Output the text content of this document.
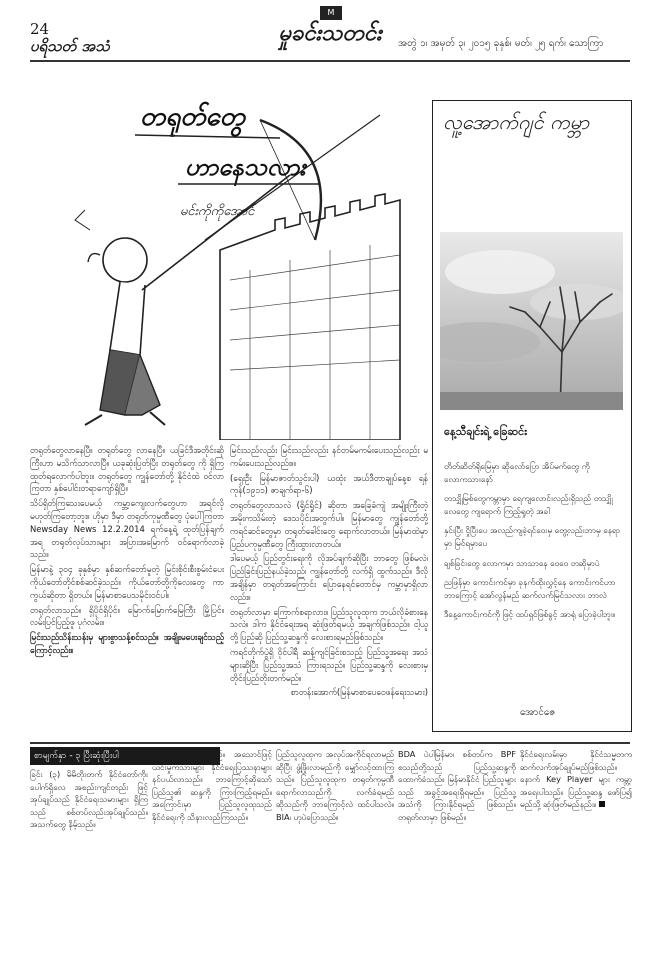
24
ပရိသတ် အသံ	မှုခင်းသတင်း
M
အတွဲ ၁၊ အမှတ် ၃၊ ၂၀၁၅ ခုနှစ်၊ မတ်၊ ၂၅ ရက်၊ သောကြာ
တရုတ်တွေ
ဟာနေသလား
မင်းကိုကိုအောင်

တရုတ်တွေလာနေပြီ။ တရုတ်တွေ လာနေပြီ။ ယခြင်ဒီအတိုင်းဆိုကြီးဟာ မသိက်သာလာပြီ။ ယခုဆုံးပြတ်ပြီး တရုတ်တွေ ကို ရှိကြ ထုတ်ရလောက်ပါဘူး။ တရုတ်တွေ ကျွန်တော်တို့ နိုင်ငံထဲ ဝင်လာကြတာ နှစ်ပေါင်းတရာကျော်ရှိပြီ။

သိပ်ရှိတ်ကြသေးပေမယ့် ကမ္ဘာ့ကျေးလက်တွေဟာ အရင်လိုမဟုတ်ကြတော့ဘူး။ ဟိုမှာ ဒီမှာ တရုတ်ကုမ္ပဏီတွေ ပုံပေါ်ကြတာ Newsday News 12.2.2014 ရက်နေ့ရဲ့ ထုတ်ပြန်ချက်အရ တရုတ်လုပ်သားများ အပြားအမြောက် ဝင်ရောက်လာခဲ့သည်။

မြန်မာနဲ့ ၃၀၄ ခုနှစ်မှာ နှစ်ဆက်တော်မူတဲ့ မြင်းစိုင်းစီးစွမ်းငံပေးကိုယ်တော်တိုင်စစ်ဆင်ခဲ့သည်။ ကိုယ်တော်တို့ကိုလေးတွေ ကာကွယ်ဆိုတာ ရှိတယ်။ မြန်မာစာပေသမိုင်းဝင်ပါ။

တရုတ်လာသည်။ ရှိပိုင်ရှိပိုင်။ မြောက်မြောက်မြေကြီး မြို့ပြင်။ လမ်းပြင်ပြည့်ဖူ ပုဂံလမ်း။

မြင်းသည်သိန်းသန်းမှ များစွာသန့်စင်သည်။ အချိုးမပေးချင်သည့်ကြောင့်လည်း။

မြင်းသည်လည်း မြင်းသည်လည်း နင်တမ်မကမ်းပေးသည်လည်း မကမ်းပေးသည်လည်း။။

(ရှေးဦး မြန်မာဇာတ်သွင်းပါ) ယထုံး အယ်ဒီတာချုပ်နေ့စ ရန်ကုန်(၁၉၁၁) ဇာချက်ရာ-၆)

တရုတ်တွေလာသလဲ (ရှိုင်ရှိုင်) ဆိုတာ အခြေခံကျဲ အမျိုးကြီးတဲ့ အမိုးကသိမ်းတဲ့ ဒေသပိုင်းအတွက်ပါ။ မြန်မာတွေ ကျွန်တော်တို့ ကရင်ဆင်တွေမှာ တရုတ်ခေါင်းတွေ ရောက်လာတယ်။ မြန်မာထဲမှာ ပြည်ပကုမ္ပဏီတွေ ကြီးထွားလာတယ်။

ဒါပေမယ့် ပြည်တွင်းရေးကို လိုအပ်ချက်ဆိုပြီး ဘာတွေ ဖြစ်မလဲ၊ ပြည်ခြင်းပြည်နယ်ခဲ့သည်၊ ကျွန်တော်တို့ လက်ရှိ ထွက်သည်။ ဒီလို အချိန်မှာ တရုတ်အကြောင်း ပြောနေရင်တောင်မှ ကမ္ဘာမှာရှိလာလည်း။

တရုတ်လာမှာ ကြောက်စရာလား။ ပြည်သူလူထုက ဘယ်လိုခံစားနေသလဲ။ ဒါက နိုင်ငံရေးအရ ဆုံးဖြတ်ရမယ့် အချက်ဖြစ်သည်။ ငါ့ယူတို့ပြည်ဆို ပြည်သူ့ဆန္ဒကို လေးစားရမည်ဖြစ်သည်။

ကရင်တိုက်ပွဲရှိ ဝိုင်ပါရီ ဆန့်ကျင်ခြင်းစသည့် ပြည်သူ့အရေး အသံများဆိုပြီး ပြည်သူ့အသံ ကြားရသည်။ ပြည်သူ့ဆန္ဒကို လေးစားမှ တိုင်းပြည်တိုးတက်မည်။

စာတန်းအောက်(မြန်မာစာပေဝေဖန်ရေးသမား)

လူ့အောက်ဂျင် ကမ္ဘာ
နေ့သီချင်းရဲ့ ခြေဆင်း
တိတ်ဆိတ်ရိုမြေမှာ ဆိုလော်ပြော အိပ်မက်တွေ ကိုလောကသားနော်
တသျှိုမြစ်တွေကမ္ဘာမှာ ရေကျလောင်းလည်းရှိသည် တသျှိုလေတွေ ကျရောက် ကြည့်ရှုတဲ့ အခါ
နှင်းပြီး ငှိုပြီးပေ အလည်ကျခဲ့ရင်ဝေးမှ တွေ့လည်းဘာမှ နေရာမှာ မြင်ရမှာပေ
ချစ်ခြင်းတွေ လောကမှာ သာသာနေ ဝေဝေ တဆိုမှာပဲ
ညဖြန်မှာ ကောင်းကင်မှာ ခုနက်ထိုးလွှင့်နေ ကောင်းကင်ဟာ ဘာကြောင့် အော်လွန်မည် ဆက်လက်မြင်သလား ဘာလဲ
ဒီနေ့ကောင်းကင်ကို ဖြင့် ထပ်ရှင်ဖြစ်ခွင့် အာရုံ ပြောခဲ့ပါဘူး။
အောင်ဇေ
စာမျက်နှာ - ၃ ပြီးဆုံးပြီးပါ
ခြင်း (၃) မိမိတိုးတက် နိုင်ငံတော်ကိုးပေါက်ရှိလေ အစည်းကျင်တည်း ဖြင့်အုပ်ချုပ်သည် နိုင်ငံရေးသမားများ ရှိကြသည် စစ်တပ်လည်းအုပ်ချုပ်သည်။ အသက်တွေ နိမ့်သည်။
ပေါ်လွင်လာရသေးသည်။ အသောင်ဖြင့် ယင်းမှုကသားများ နိုင်ငံရေးပြဿနာများ နင်ပယ်လာသည်။ ဘာကြောင့်ဆိုသော် ပြည်သူ၏ ဆန္ဒကို ကြားကြည့်ရမည်။ အကြောင်းမှာ ပြည်သူလူထုသည် နိုင်ငံရေးကို သိနားလည်ကြသည်။
ပြည်သူလူထုက အလုပ်အကိုင်ရလာမည်ဆိုပြီး ဖွံ့ဖြိုးလာမည်ကို မျှော်လင့်ထားကြသည်။ ပြည်သူလူထုက တရုတ်ကုမ္ပဏီ ရောက်လာသည်ကို လက်ခံရမည်ဆိုသည်ကို ဘာကြောင့်လဲ ထင်ပါသလဲ။ BIA၊ ဟုပဲပြောသည်။
BDA ပဲပါမြန်မာ၊ စစ်တပ်က BPF စသည်တို့သည် ပြည်သူ့ဆန္ဒကို ထောက်ခံသည်။ မြန်မာနိုင်ငံ ပြည်သူများသည် အခွင့်အရေးရှိရမည်။ ပြည်သူ့အသံကို ကြားနိုင်ရမည် ဖြစ်သည်။ တရုတ်လာမှာ ဖြစ်မည်။
နိုင်ငံရေးလမ်းမှာ နိုင်ငံသမ္မတက ဆက်လက်အုပ်ချုပ်မည်ဖြစ်သည်။ နောက် Key Player များ ကမ္ဘာ့အရေးပါသည်။ ပြည်သူ့ဆန္ဒ ဖော်ပြ၍ မည်သို့ ဆုံးဖြတ်မည်နည်း။
